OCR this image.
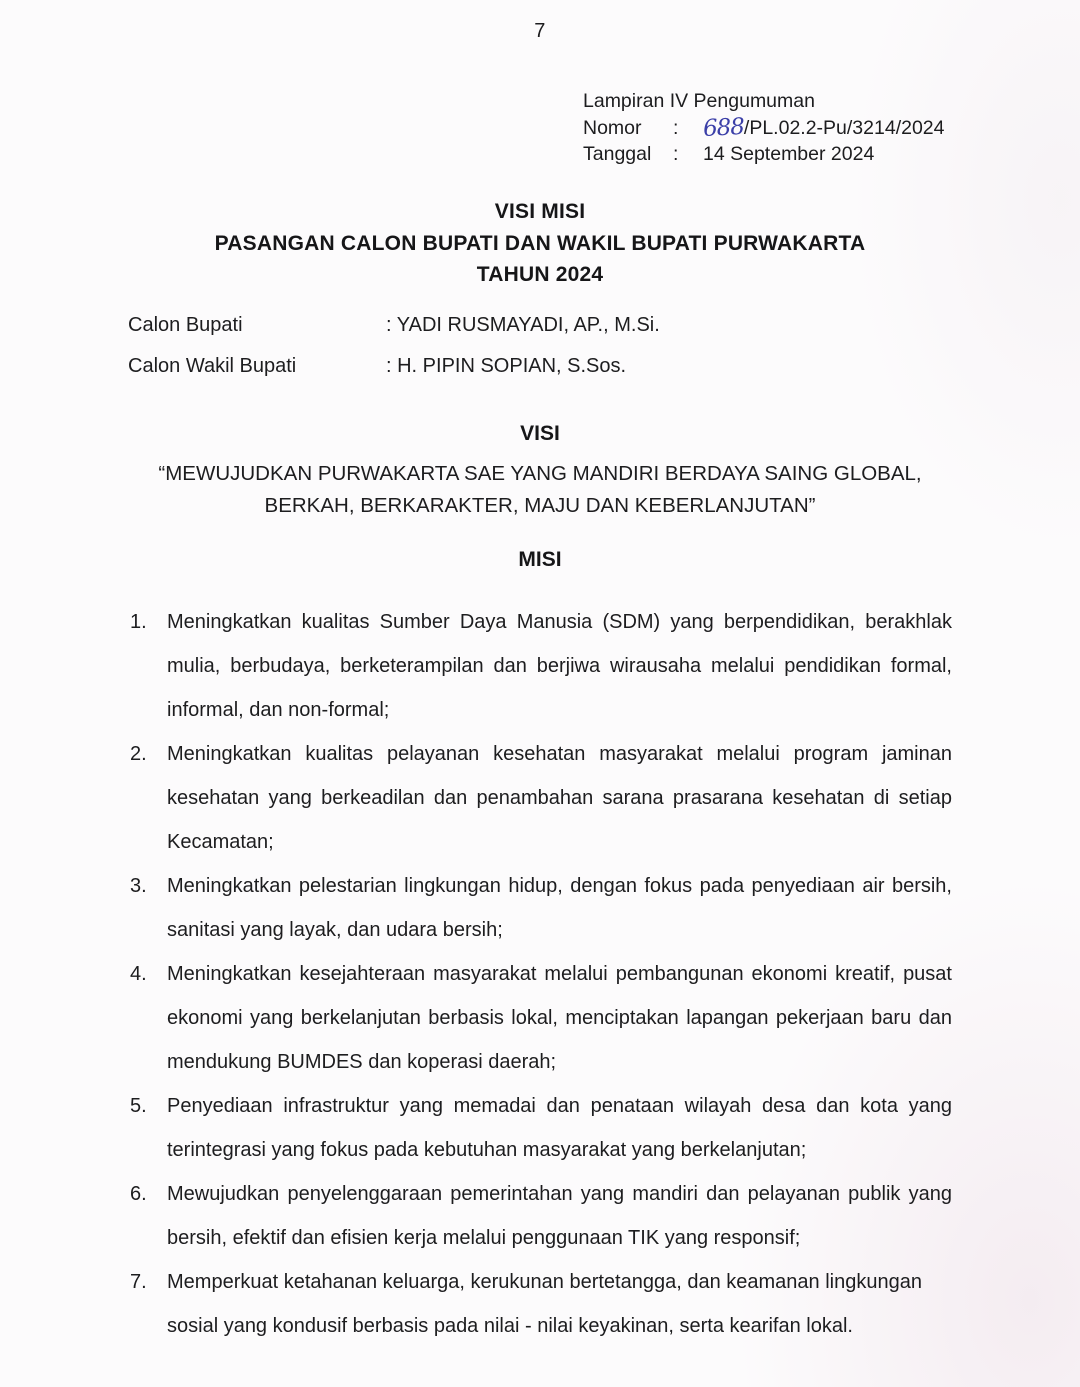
7
Lampiran IV Pengumuman
Nomor	:	688/PL.02.2-Pu/3214/2024
Tanggal	:	14 September 2024
VISI MISI
PASANGAN CALON BUPATI DAN WAKIL BUPATI PURWAKARTA
TAHUN 2024
Calon Bupati	: YADI RUSMAYADI, AP., M.Si.
Calon Wakil Bupati	: H. PIPIN SOPIAN, S.Sos.
VISI
“MEWUJUDKAN PURWAKARTA SAE YANG MANDIRI BERDAYA SAING GLOBAL, BERKAH, BERKARAKTER, MAJU DAN KEBERLANJUTAN”
MISI
1. Meningkatkan kualitas Sumber Daya Manusia (SDM) yang berpendidikan, berakhlak mulia, berbudaya, berketerampilan dan berjiwa wirausaha melalui pendidikan formal, informal, dan non-formal;
2. Meningkatkan kualitas pelayanan kesehatan masyarakat melalui program jaminan kesehatan yang berkeadilan dan penambahan sarana prasarana kesehatan di setiap Kecamatan;
3. Meningkatkan pelestarian lingkungan hidup, dengan fokus pada penyediaan air bersih, sanitasi yang layak, dan udara bersih;
4. Meningkatkan kesejahteraan masyarakat melalui pembangunan ekonomi kreatif, pusat ekonomi yang berkelanjutan berbasis lokal, menciptakan lapangan pekerjaan baru dan mendukung BUMDES dan koperasi daerah;
5. Penyediaan infrastruktur yang memadai dan penataan wilayah desa dan kota yang terintegrasi yang fokus pada kebutuhan masyarakat yang berkelanjutan;
6. Mewujudkan penyelenggaraan pemerintahan yang mandiri dan pelayanan publik yang bersih, efektif dan efisien kerja melalui penggunaan TIK yang responsif;
7. Memperkuat ketahanan keluarga, kerukunan bertetangga, dan keamanan lingkungan sosial yang kondusif berbasis pada nilai - nilai keyakinan, serta kearifan lokal.
